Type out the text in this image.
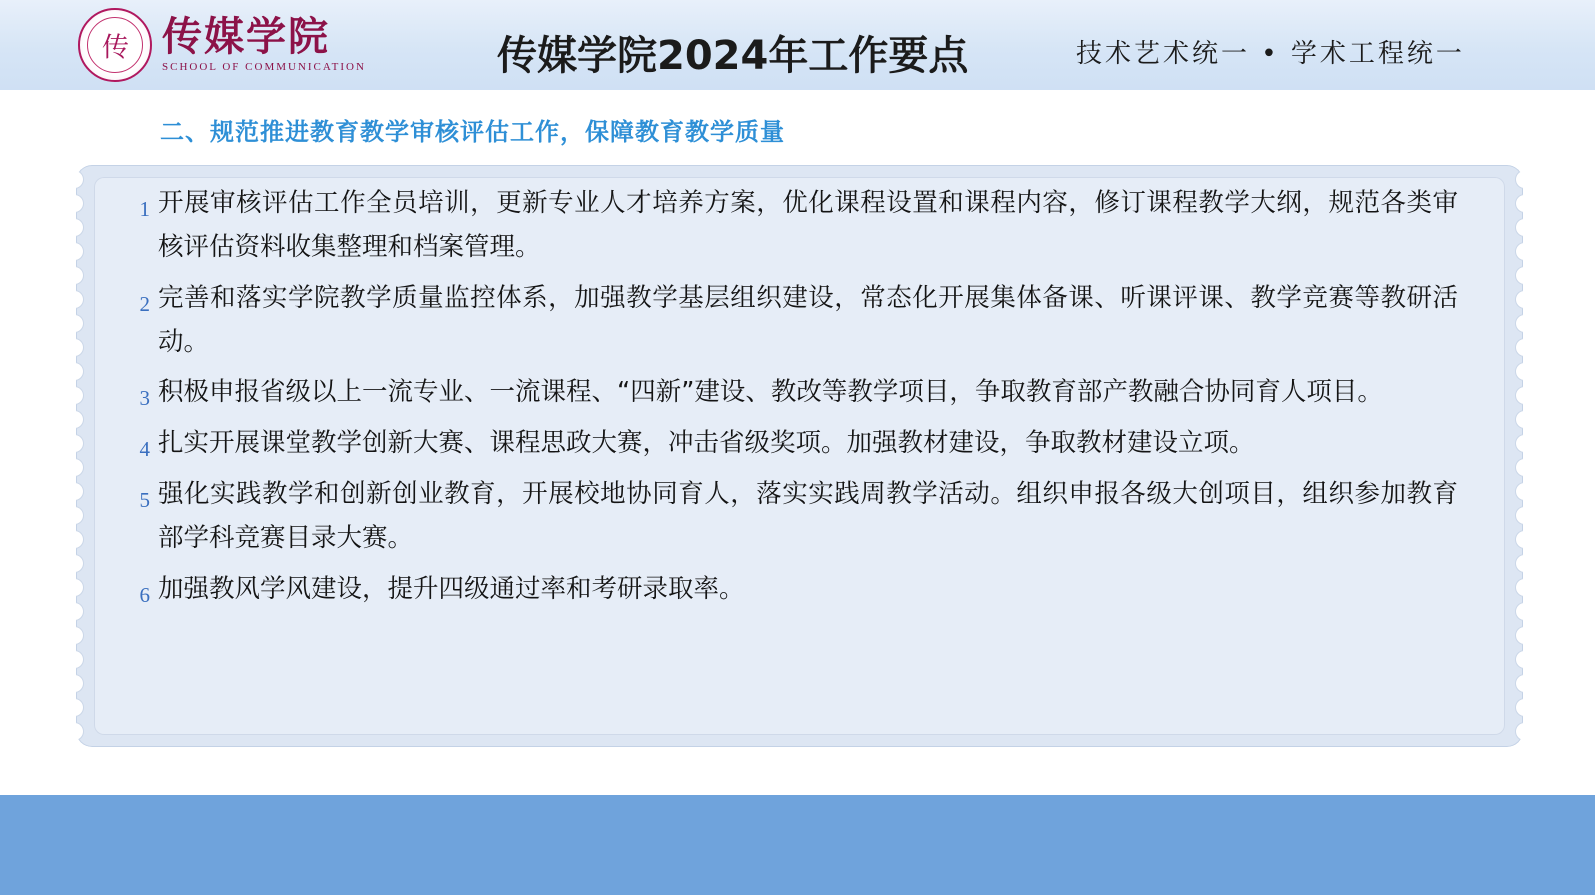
传 传媒学院
SCHOOL OF COMMUNICATION	传媒学院2024年工作要点	技术艺术统一 • 学术工程统一
二、规范推进教育教学审核评估工作，保障教育教学质量
1 开展审核评估工作全员培训，更新专业人才培养方案，优化课程设置和课程内容，修订课程教学大纲，规范各类审核评估资料收集整理和档案管理。
2 完善和落实学院教学质量监控体系，加强教学基层组织建设，常态化开展集体备课、听课评课、教学竞赛等教研活动。
3 积极申报省级以上一流专业、一流课程、“四新”建设、教改等教学项目，争取教育部产教融合协同育人项目。
4 扎实开展课堂教学创新大赛、课程思政大赛，冲击省级奖项。加强教材建设，争取教材建设立项。
5 强化实践教学和创新创业教育，开展校地协同育人，落实实践周教学活动。组织申报各级大创项目，组织参加教育部学科竞赛目录大赛。
6 加强教风学风建设，提升四级通过率和考研录取率。
